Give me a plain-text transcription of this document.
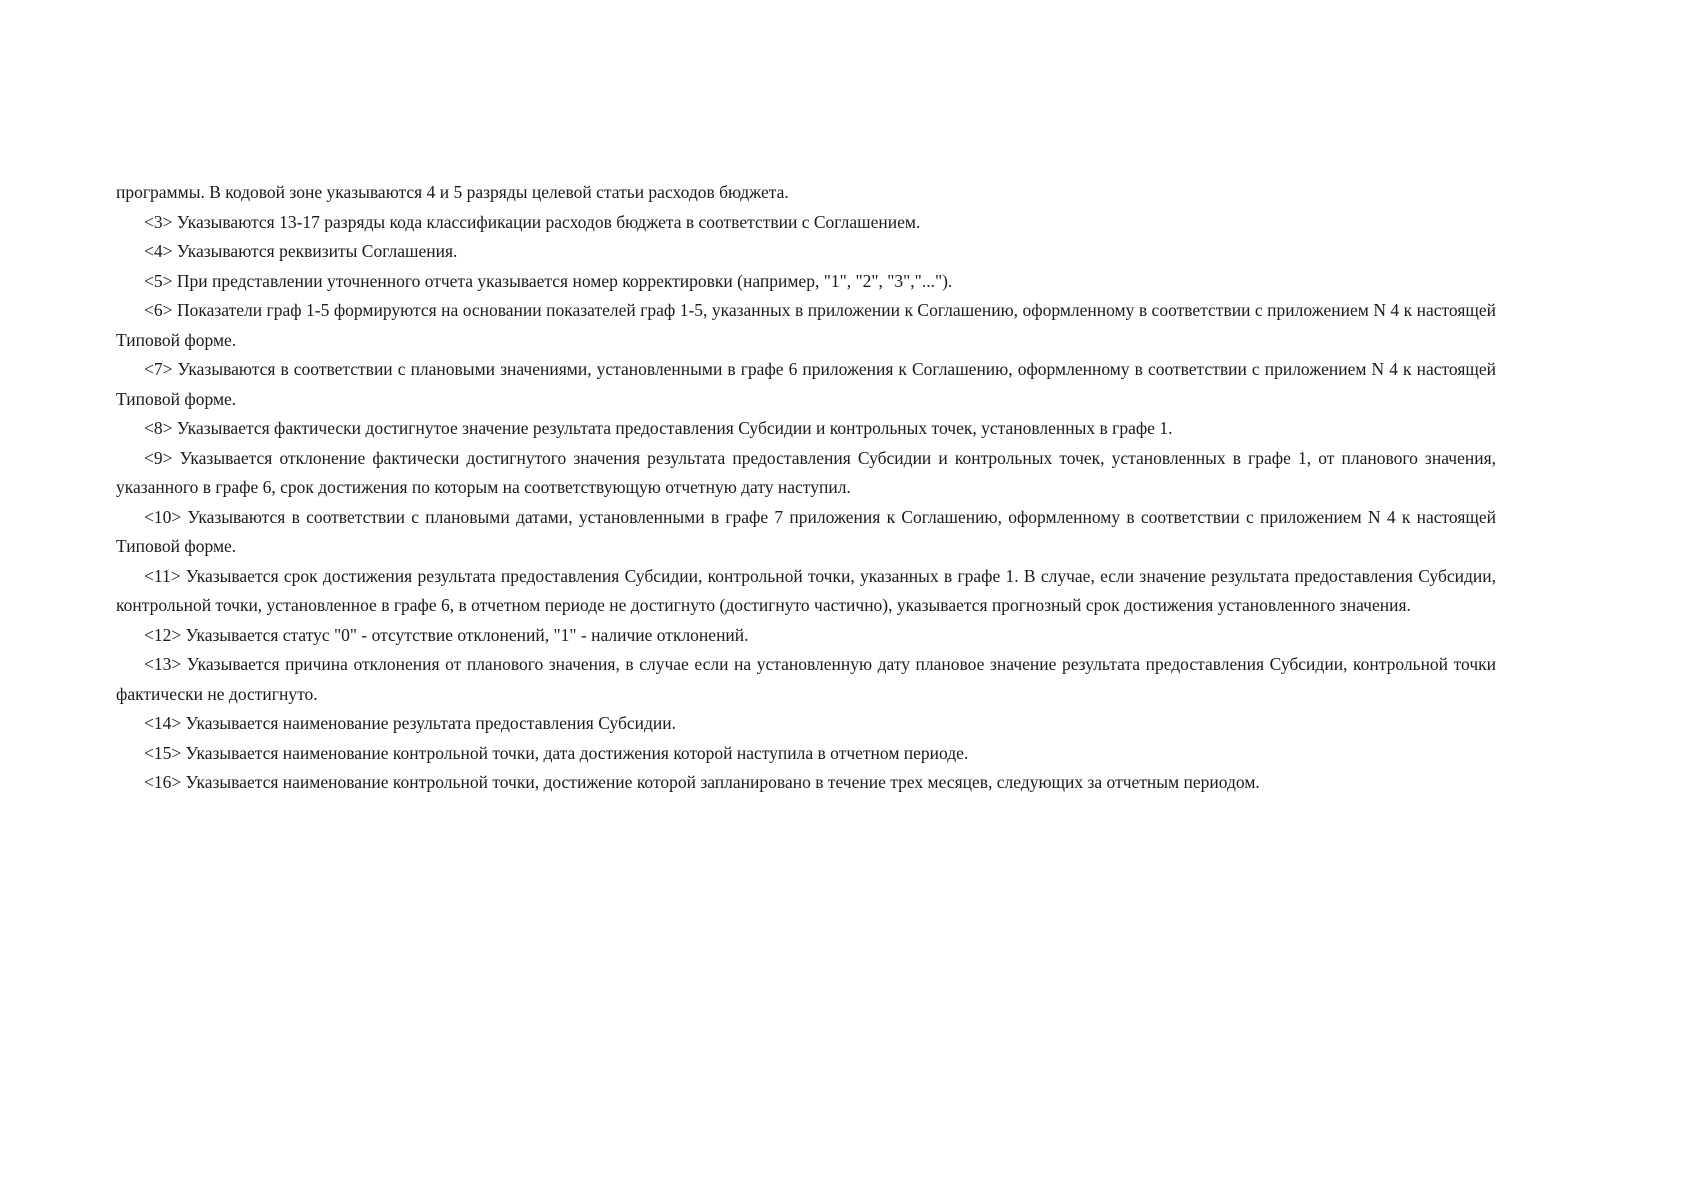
программы. В кодовой зоне указываются 4 и 5 разряды целевой статьи расходов бюджета.

<3> Указываются 13-17 разряды кода классификации расходов бюджета в соответствии с Соглашением.

<4> Указываются реквизиты Соглашения.

<5> При представлении уточненного отчета указывается номер корректировки (например, "1", "2", "3","...").

<6> Показатели граф 1-5 формируются на основании показателей граф 1-5, указанных в приложении к Соглашению, оформленному в соответствии с приложением N 4 к настоящей Типовой форме.

<7> Указываются в соответствии с плановыми значениями, установленными в графе 6 приложения к Соглашению, оформленному в соответствии с приложением N 4 к настоящей Типовой форме.

<8> Указывается фактически достигнутое значение результата предоставления Субсидии и контрольных точек, установленных в графе 1.

<9> Указывается отклонение фактически достигнутого значения результата предоставления Субсидии и контрольных точек, установленных в графе 1, от планового значения, указанного в графе 6, срок достижения по которым на соответствующую отчетную дату наступил.

<10> Указываются в соответствии с плановыми датами, установленными в графе 7 приложения к Соглашению, оформленному в соответствии с приложением N 4 к настоящей Типовой форме.

<11> Указывается срок достижения результата предоставления Субсидии, контрольной точки, указанных в графе 1. В случае, если значение результата предоставления Субсидии, контрольной точки, установленное в графе 6, в отчетном периоде не достигнуто (достигнуто частично), указывается прогнозный срок достижения установленного значения.

<12> Указывается статус "0" - отсутствие отклонений, "1" - наличие отклонений.

<13> Указывается причина отклонения от планового значения, в случае если на установленную дату плановое значение результата предоставления Субсидии, контрольной точки фактически не достигнуто.

<14> Указывается наименование результата предоставления Субсидии.

<15> Указывается наименование контрольной точки, дата достижения которой наступила в отчетном периоде.

<16> Указывается наименование контрольной точки, достижение которой запланировано в течение трех месяцев, следующих за отчетным периодом.
